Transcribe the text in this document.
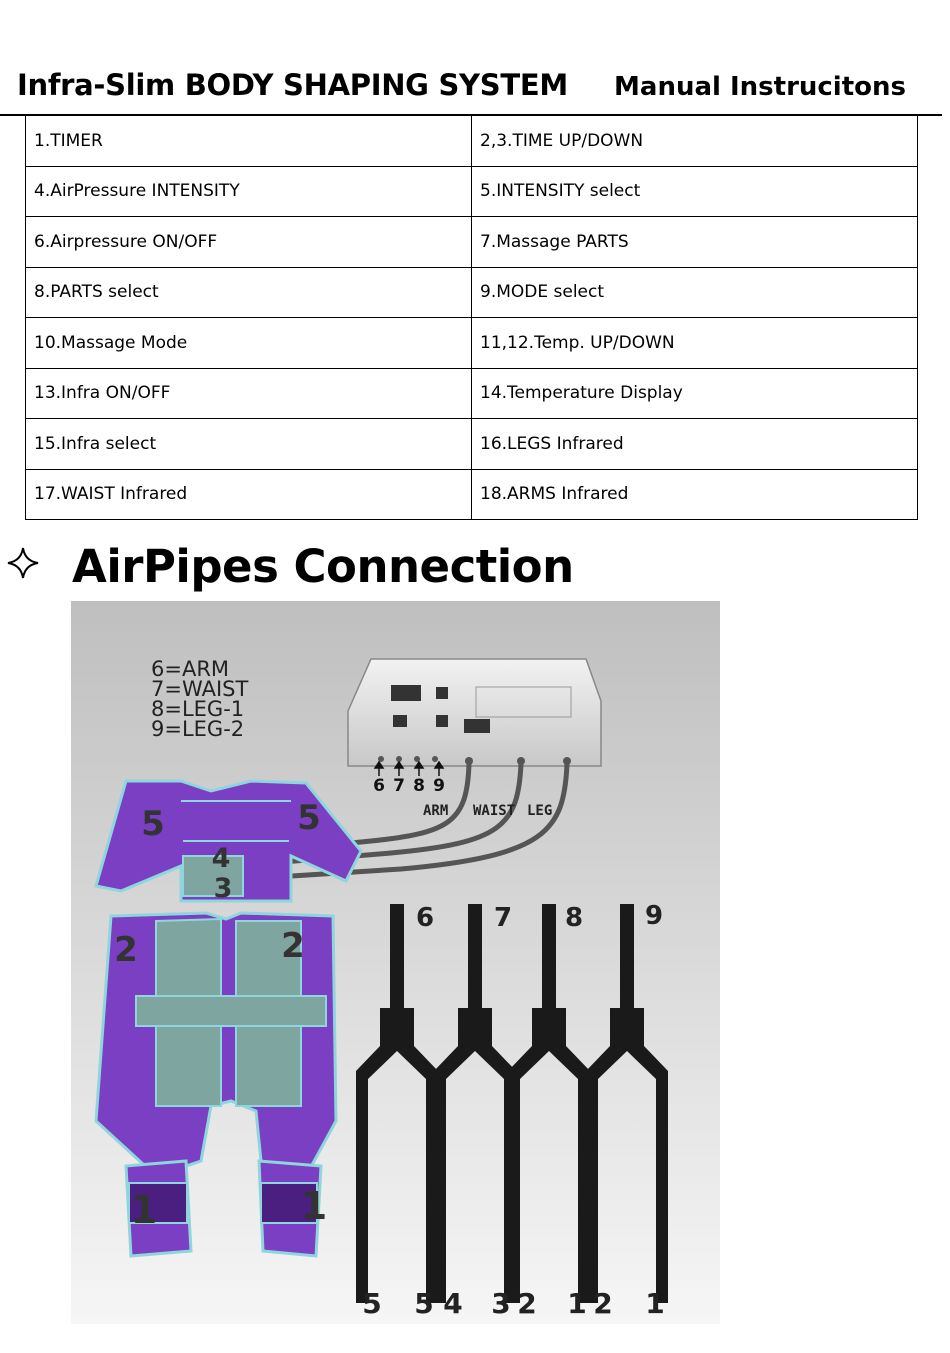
Infra-Slim BODY SHAPING SYSTEM Manual Instrucitons
1.TIMER	2,3.TIME UP/DOWN
4.AirPressure INTENSITY	5.INTENSITY select
6.Airpressure ON/OFF	7.Massage PARTS
8.PARTS select	9.MODE select
10.Massage Mode	11,12.Temp. UP/DOWN
13.Infra ON/OFF	14.Temperature Display
15.Infra select	16.LEGS Infrared
17.WAIST Infrared	18.ARMS Infrared
AirPipes Connection
6=ARM
7=WAIST
8=LEG-1
9=LEG-2
6 7 8 9
ARM WAIST LEG
5	5
4
3
2	2
1	1
6 7 8 9
5 5 4 3 2 1 2 1
